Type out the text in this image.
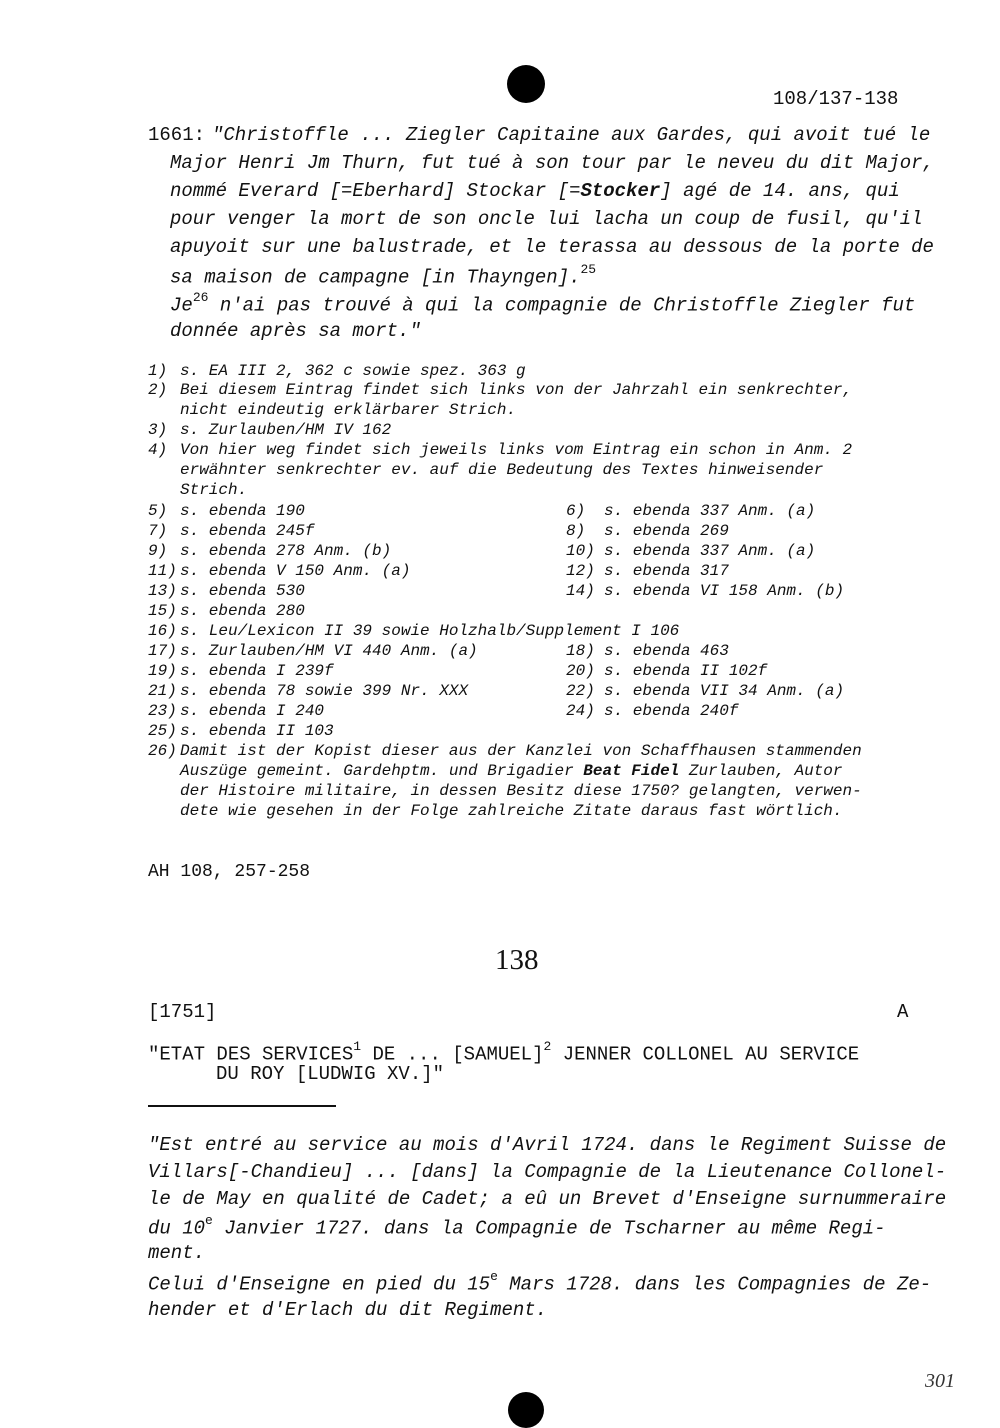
108/137-138
1661: "Christoffle ... Ziegler Capitaine aux Gardes, qui avoit tué le
Major Henri Jm Thurn, fut tué à son tour par le neveu du dit Major,
nommé Everard [=Eberhard] Stockar [=Stocker] agé de 14. ans, qui
pour venger la mort de son oncle lui lacha un coup de fusil, qu'il
apuyoit sur une balustrade, et le terassa au dessous de la porte de
sa maison de campagne [in Thayngen].$^{25}$
Je$^{26}$ n'ai pas trouvé à qui la compagnie de Christoffle Ziegler fut
donnée après sa mort."
1) s. EA III 2, 362 c sowie spez. 363 g
2) Bei diesem Eintrag findet sich links von der Jahrzahl ein senkrechter,
nicht eindeutig erklärbarer Strich.
3) s. Zurlauben/HM IV 162
4) Von hier weg findet sich jeweils links vom Eintrag ein schon in Anm. 2
erwähnter senkrechter ev. auf die Bedeutung des Textes hinweisender
Strich.
5) s. ebenda 190	6) s. ebenda 337 Anm. (a)
7) s. ebenda 245f	8) s. ebenda 269
9) s. ebenda 278 Anm. (b)	10) s. ebenda 337 Anm. (a)
11) s. ebenda V 150 Anm. (a)	12) s. ebenda 317
13) s. ebenda 530	14) s. ebenda VI 158 Anm. (b)
15) s. ebenda 280
16) s. Leu/Lexicon II 39 sowie Holzhalb/Supplement I 106
17) s. Zurlauben/HM VI 440 Anm. (a)	18) s. ebenda 463
19) s. ebenda I 239f	20) s. ebenda II 102f
21) s. ebenda 78 sowie 399 Nr. XXX	22) s. ebenda VII 34 Anm. (a)
23) s. ebenda I 240	24) s. ebenda 240f
25) s. ebenda II 103
26) Damit ist der Kopist dieser aus der Kanzlei von Schaffhausen stammenden
Auszüge gemeint. Gardehptm. und Brigadier Beat Fidel Zurlauben, Autor
der Histoire militaire, in dessen Besitz diese 1750? gelangten, verwen-
dete wie gesehen in der Folge zahlreiche Zitate daraus fast wörtlich.
AH 108, 257-258
138
[1751]	A
"ETAT DES SERVICES$^1$ DE ... [SAMUEL]$^2$ JENNER COLLONEL AU SERVICE
DU ROY [LUDWIG XV.]"
"Est entré au service au mois d'Avril 1724. dans le Regiment Suisse de
Villars[-Chandieu] ... [dans] la Compagnie de la Lieutenance Collonel-
le de May en qualité de Cadet; a eû un Brevet d'Enseigne surnummeraire
du 10e Janvier 1727. dans la Compagnie de Tscharner au même Regi-
ment.
Celui d'Enseigne en pied du 15e Mars 1728. dans les Compagnies de Ze-
hender et d'Erlach du dit Regiment.
301
